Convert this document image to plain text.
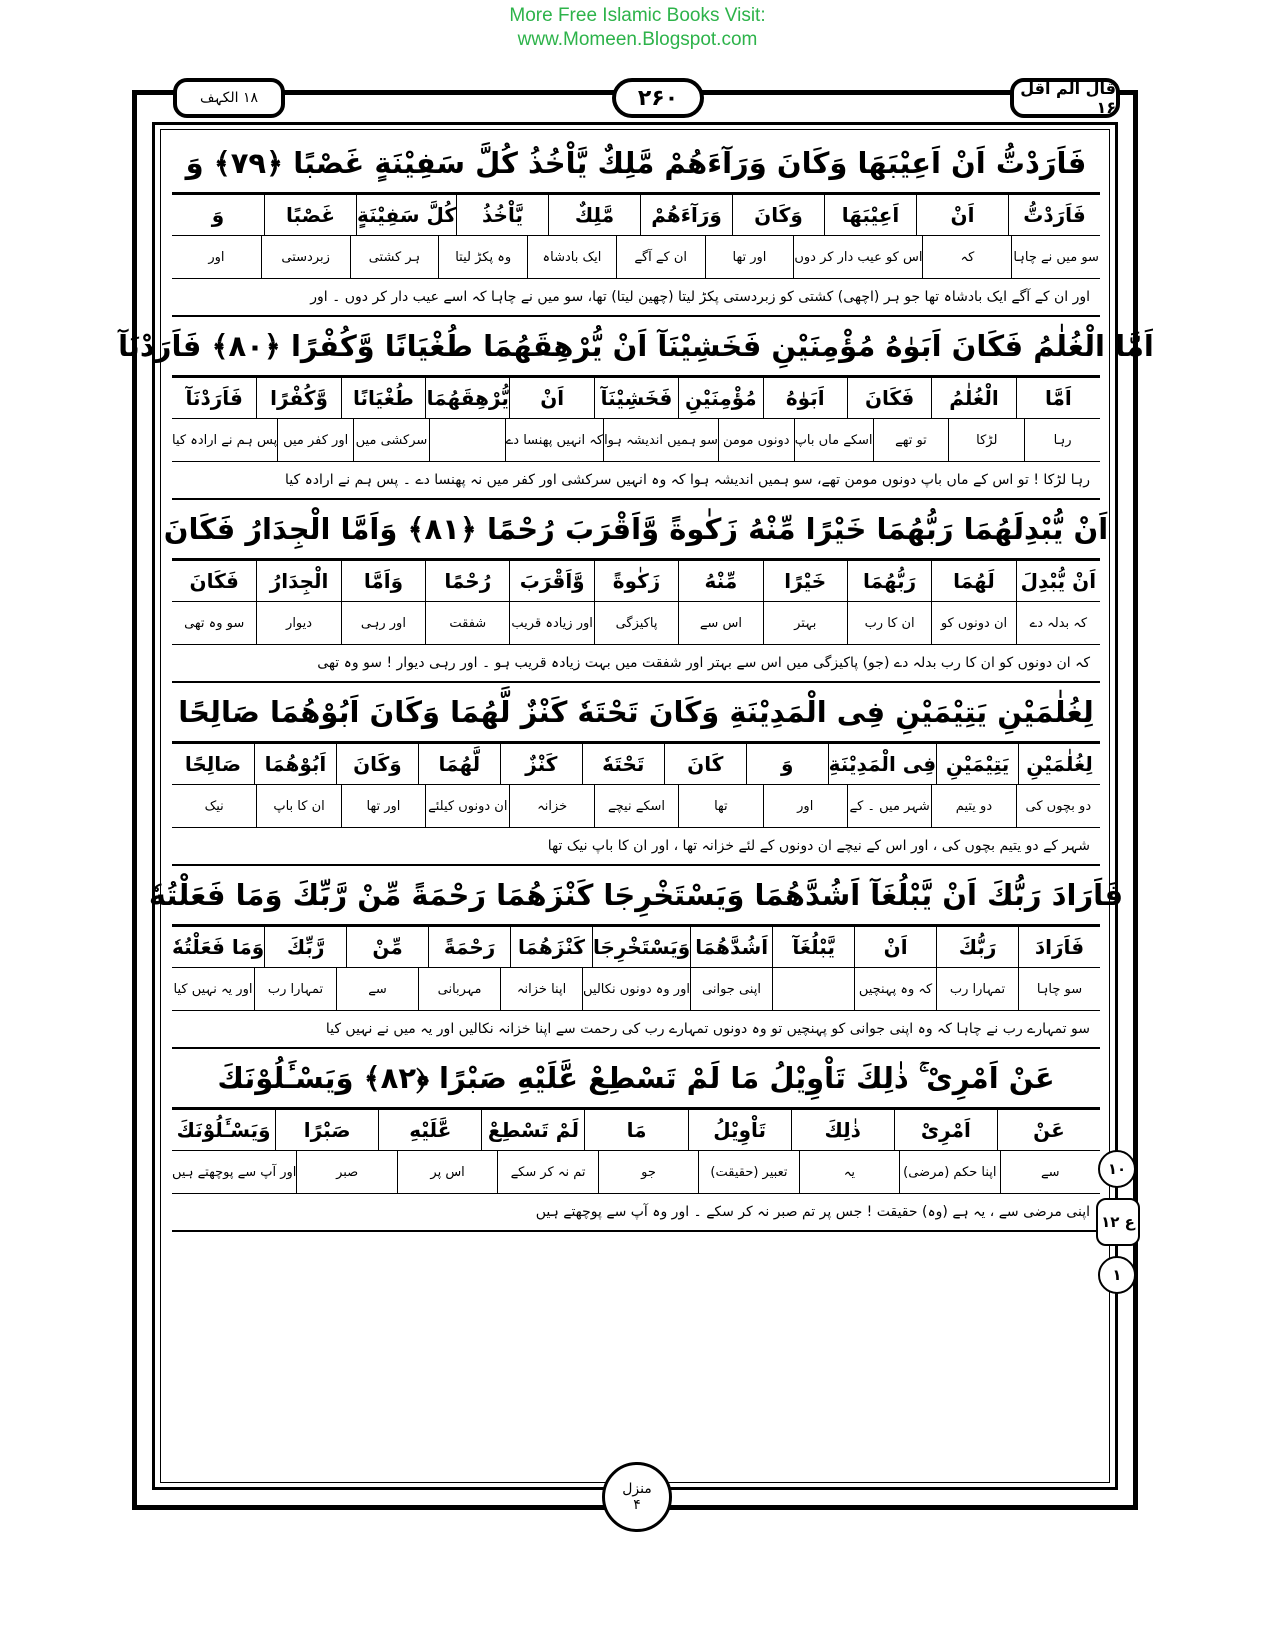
More Free Islamic Books Visit:
www.Momeen.Blogspot.com
۱۸ الکہف	۲۶۰	قال الم اقل ۱۶
فَاَرَدْتُّ اَنْ اَعِيْبَهَا وَكَانَ وَرَآءَهُمْ مَّلِكٌ يَّاْخُذُ كُلَّ سَفِيْنَةٍ غَصْبًا ﴿٧٩﴾ وَ
فَاَرَدْتُّ
اَنْ
اَعِيْبَهَا
وَكَانَ
وَرَآءَهُمْ
مَّلِكٌ
يَّاْخُذُ
كُلَّ سَفِيْنَةٍ
غَصْبًا
وَ
سو میں نے چاہا
کہ
اس کو عیب دار کر دوں
اور تھا
ان کے آگے
ایک بادشاہ
وہ پکڑ لیتا
ہر کشتی
زبردستی
اور
اور ان کے آگے ایک بادشاہ تھا جو ہر (اچھی) کشتی کو زبردستی پکڑ لیتا (چھین لیتا) تھا، سو میں نے چاہا کہ اسے عیب دار کر دوں ۔ اور
اَمَّا الْغُلٰمُ فَكَانَ اَبَوٰهُ مُؤْمِنَيْنِ فَخَشِيْنَآ اَنْ يُّرْهِقَهُمَا طُغْيَانًا وَّكُفْرًا ﴿٨٠﴾ فَاَرَدْنَآ
اَمَّا
الْغُلٰمُ
فَكَانَ
اَبَوٰهُ
مُؤْمِنَيْنِ
فَخَشِيْنَآ
اَنْ
يُّرْهِقَهُمَا
طُغْيَانًا
وَّكُفْرًا
فَاَرَدْنَآ
رہا
لڑکا
تو تھے
اسکے ماں باپ
دونوں مومن
سو ہمیں اندیشہ ہوا
کہ انہیں پھنسا دے
سرکشی میں
اور کفر میں
پس ہم نے ارادہ کیا
رہا لڑکا ! تو اس کے ماں باپ دونوں مومن تھے، سو ہمیں اندیشہ ہوا کہ وہ انہیں سرکشی اور کفر میں نہ پھنسا دے ۔ پس ہم نے ارادہ کیا
اَنْ يُّبْدِلَهُمَا رَبُّهُمَا خَيْرًا مِّنْهُ زَكٰوةً وَّاَقْرَبَ رُحْمًا ﴿٨١﴾ وَاَمَّا الْجِدَارُ فَكَانَ
اَنْ يُّبْدِلَ
لَهُمَا
رَبُّهُمَا
خَيْرًا
مِّنْهُ
زَكٰوةً
وَّاَقْرَبَ
رُحْمًا
وَاَمَّا
الْجِدَارُ
فَكَانَ
کہ بدلہ دے
ان دونوں کو
ان کا رب
بہتر
اس سے
پاکیزگی
اور زیادہ قریب
شفقت
اور رہی
دیوار
سو وہ تھی
کہ ان دونوں کو ان کا رب بدلہ دے (جو) پاکیزگی میں اس سے بہتر اور شفقت میں بہت زیادہ قریب ہو ۔ اور رہی دیوار ! سو وہ تھی
لِغُلٰمَيْنِ يَتِيْمَيْنِ فِى الْمَدِيْنَةِ وَكَانَ تَحْتَهٗ كَنْزٌ لَّهُمَا وَكَانَ اَبُوْهُمَا صَالِحًا
لِغُلٰمَيْنِ
يَتِيْمَيْنِ
فِى الْمَدِيْنَةِ
وَ
كَانَ
تَحْتَهٗ
كَنْزٌ
لَّهُمَا
وَكَانَ
اَبُوْهُمَا
صَالِحًا
دو بچوں کی
دو یتیم
شہر میں ۔ کے
اور
تھا
اسکے نیچے
خزانہ
ان دونوں کیلئے
اور تھا
ان کا باپ
نیک
شہر کے دو یتیم بچوں کی ، اور اس کے نیچے ان دونوں کے لئے خزانہ تھا ، اور ان کا باپ نیک تھا
فَاَرَادَ رَبُّكَ اَنْ يَّبْلُغَآ اَشُدَّهُمَا وَيَسْتَخْرِجَا كَنْزَهُمَا رَحْمَةً مِّنْ رَّبِّكَ وَمَا فَعَلْتُهٗ
فَاَرَادَ
رَبُّكَ
اَنْ
يَّبْلُغَآ
اَشُدَّهُمَا
وَيَسْتَخْرِجَا
كَنْزَهُمَا
رَحْمَةً
مِّنْ
رَّبِّكَ
وَمَا فَعَلْتُهٗ
سو چاہا
تمہارا رب
کہ وہ پہنچیں
اپنی جوانی
اور وہ دونوں نکالیں
اپنا خزانہ
مہربانی
سے
تمہارا رب
اور یہ نہیں کیا
سو تمہارے رب نے چاہا کہ وہ اپنی جوانی کو پہنچیں تو وہ دونوں تمہارے رب کی رحمت سے اپنا خزانہ نکالیں اور یہ میں نے نہیں کیا
عَنْ اَمْرِىْ ۚ ذٰلِكَ تَاْوِيْلُ مَا لَمْ تَسْطِعْ عَّلَيْهِ صَبْرًا ﴿٨٢﴾ وَيَسْـَٔلُوْنَكَ
عَنْ
اَمْرِىْ
ذٰلِكَ
تَاْوِيْلُ
مَا
لَمْ تَسْطِعْ
عَّلَيْهِ
صَبْرًا
وَيَسْـَٔلُوْنَكَ
سے
اپنا حکم (مرضی)
یہ
تعبیر (حقیقت)
جو
تم نہ کر سکے
اس پر
صبر
اور آپ سے پوچھتے ہیں
اپنی مرضی سے ، یہ ہے (وہ) حقیقت ! جس پر تم صبر نہ کر سکے ۔ اور وہ آپ سے پوچھتے ہیں
۱۰
ع ۱۲
۱
منزل
۴
